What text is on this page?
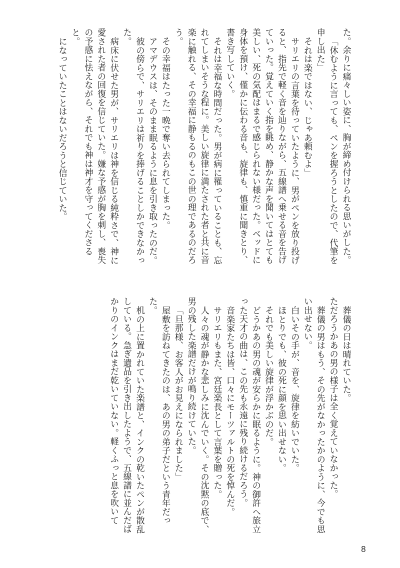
た。余りに痛々しい姿に、胸が締め付けられる思いがした。

「休むように言っても、ペンを握ろうとしたので、代筆を申し出た」

それは楽ではない、じゃあ頼むよ」

サリエリの言葉を待っていたように、男がペンを放り投げると、指先で軽く音を辿りながら、五線譜へ乗せる音を告げていった。覚えていく指を眺め、静かな声を聞いてはとても美しい、死の気配はまるで感じられない様だった。ベッドに身体を預け、僅かに伝わる音も、旋律も、慎重に聞きとり、書き写していく。

それは幸福な時間だった。男が病に罹っていることも、忘れてしまいそうな程に。美しい旋律に満たされた者と共に音楽に触れる、その幸福に静もるのもこの世の理であるのだろう。

その幸福はたった一晩で奪い去られてしまった。

アマデウスは、そのまま眠るように息を引き取ったのだ。

彼の傍らで、サリエリは祈りを捧げることしかできなかった。

病床に伏せた男が、サリエリは神を信じる純粋さで、神に愛された者の回復を信じていた。嫌な予感が胸を刺し、喪失の予感に怯えながら、それでも神は神才を守ってくださると。

になっていたことはないだろうと信じていた。

葬儀の日は晴れていた。

ただろうかあの男の様子は全く覚えていなかった。

葬儀の男はもう、その先がなかったかのように、今でも思い出せない。

白いその手が、音を、旋律を紡いでいた。

ほとりでも、彼の死に顔を思い出せない。

それでも美しい旋律が浮かぶのだ。

どうかあの男の魂が安らかに眠るように。神の御許へ旅立った天才の曲は、この先も永遠に残り続けるだろう。

音楽家たちは皆、口々にモーツァルトの死を悼んだ。

サリエリもまた、宮廷楽長として言葉を贈った。

人々の魂が静かな悲しみに沈んでいく。その沈黙の底で、男の残した楽譜だけが鳴り続けていた。

「旦那様、お客人がお見えになられました」

屋敷を訪ねてきたのは、あの男の弟子だという青年だった。

机の上に置かれていた楽譜と、インクの乾いたペンが散乱している。急ぎ遺品を引き出したようで、五線譜に並んだばかりのインクはまだ乾いていない。軽くふっと息を吹いて

8
